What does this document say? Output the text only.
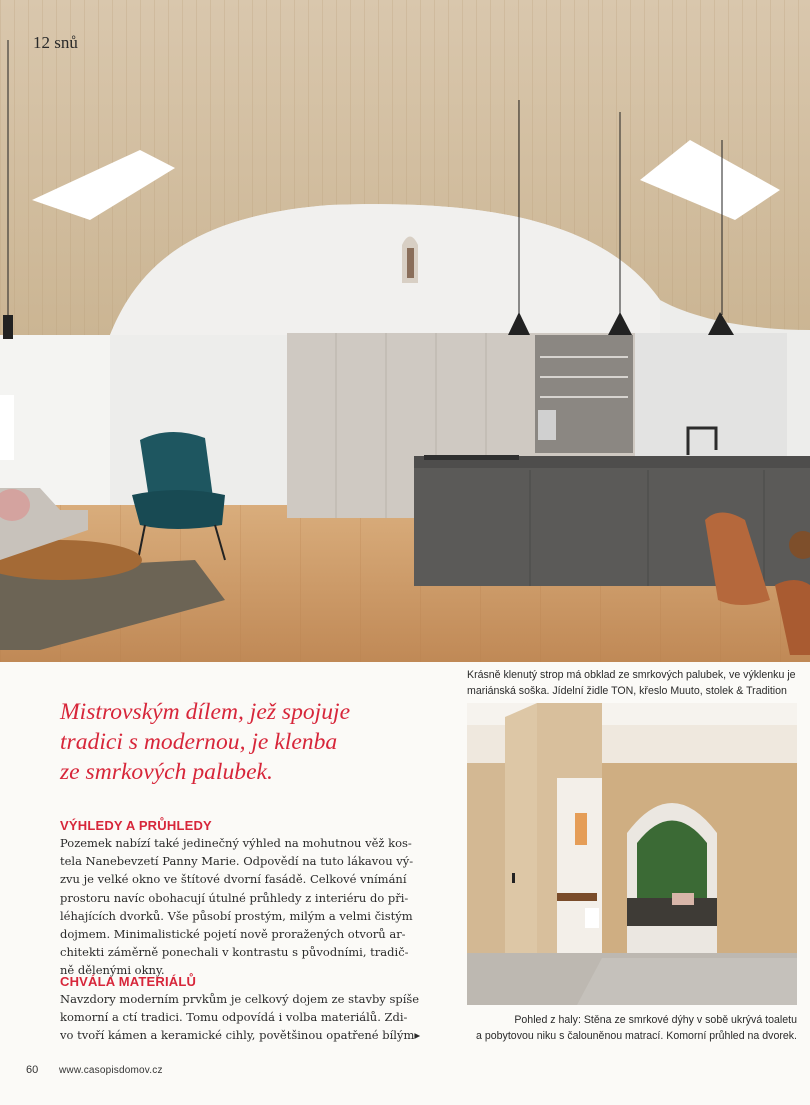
12 snů
Krásně klenutý strop má obklad ze smrkových palubek, ve výklenku je mariánská soška. Jídelní židle TON, křeslo Muuto, stolek & Tradition
Mistrovským dílem, jež spojuje
tradici s modernou, je klenba
ze smrkových palubek.
VÝHLEDY A PRŮHLEDY
Pozemek nabízí také jedinečný výhled na mohutnou věž kos-
tela Nanebevzetí Panny Marie. Odpovědí na tuto lákavou vý-
zvu je velké okno ve štítové dvorní fasádě. Celkové vnímání
prostoru navíc obohacují útulné průhledy z interiéru do při-
léhajících dvorků. Vše působí prostým, milým a velmi čistým
dojmem. Minimalistické pojetí nově proražených otvorů ar-
chitekti záměrně ponechali v kontrastu s původními, tradič-
ně dělenými okny.
CHVÁLA MATERIÁLŮ
Navzdory moderním prvkům je celkový dojem ze stavby spíše
komorní a ctí tradici. Tomu odpovídá i volba materiálů. Zdi-
vo tvoří kámen a keramické cihly, povětšinou opatřené bílým▸
Pohled z haly: Stěna ze smrkové dýhy v sobě ukrývá toaletu
a pobytovou niku s čalouněnou matrací. Komorní průhled na dvorek.
60 www.casopisdomov.cz
